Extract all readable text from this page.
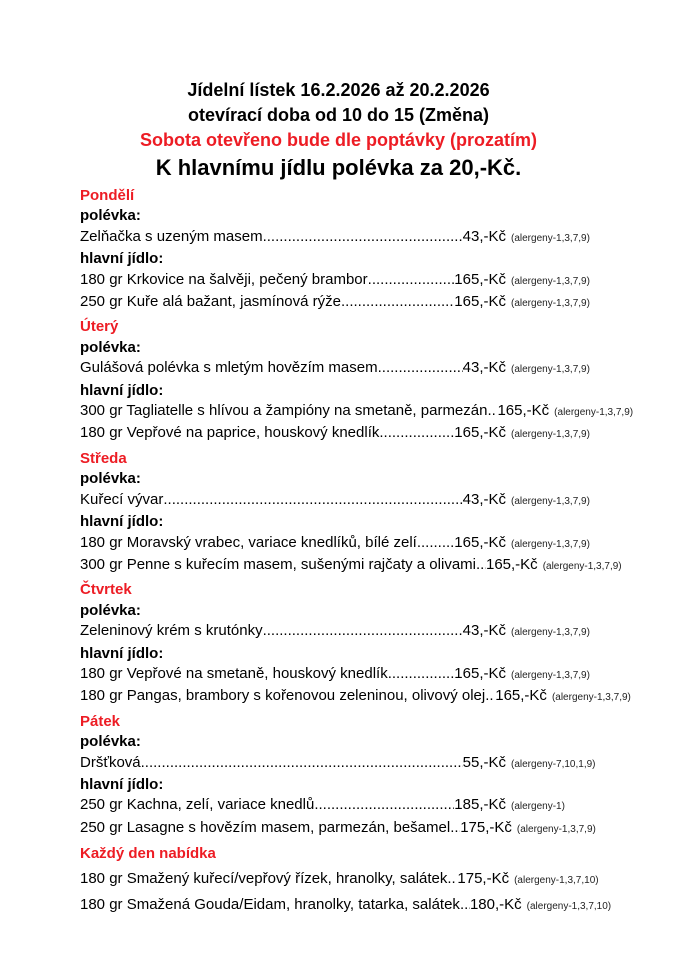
Jídelní lístek 16.2.2026 až 20.2.2026
otevírací doba od 10 do 15 (Změna)
Sobota otevřeno bude dle poptávky (prozatím)
K hlavnímu jídlu polévka za 20,-Kč.
Pondělí
polévka:
Zelňačka s uzeným masem .....	43,-Kč (alergeny-1,3,7,9)
hlavní jídlo:
180 gr Krkovice na šalvěji, pečený brambor .....	165,-Kč (alergeny-1,3,7,9)
250 gr Kuře alá bažant, jasmínová rýže .....	165,-Kč (alergeny-1,3,7,9)
Úterý
polévka:
Gulášová polévka s mletým hovězím masem .....	43,-Kč (alergeny-1,3,7,9)
hlavní jídlo:
300 gr Tagliatelle s hlívou a žampióny na smetaně, parmezán ..... 165,-Kč (alergeny-1,3,7,9)
180 gr Vepřové na paprice, houskový knedlík .....	165,-Kč (alergeny-1,3,7,9)
Středa
polévka:
Kuřecí vývar .....	43,-Kč (alergeny-1,3,7,9)
hlavní jídlo:
180 gr Moravský vrabec, variace knedlíků, bílé zelí ..... 165,-Kč (alergeny-1,3,7,9)
300 gr Penne s kuřecím masem, sušenými rajčaty a olivami ..... 165,-Kč (alergeny-1,3,7,9)
Čtvrtek
polévka:
Zeleninový krém s krutónky .....	43,-Kč (alergeny-1,3,7,9)
hlavní jídlo:
180 gr Vepřové na smetaně, houskový knedlík .....	165,-Kč (alergeny-1,3,7,9)
180 gr Pangas, brambory s kořenovou zeleninou, olivový olej ..... 165,-Kč (alergeny-1,3,7,9)
Pátek
polévka:
Dršťková .....	55,-Kč (alergeny-7,10,1,9)
hlavní jídlo:
250 gr Kachna, zelí, variace knedlů .....	185,-Kč (alergeny-1)
250 gr Lasagne s hovězím masem, parmezán, bešamel ..... 175,-Kč (alergeny-1,3,7,9)
Každý den nabídka
180 gr Smažený kuřecí/vepřový řízek, hranolky, salátek ..... 175,-Kč (alergeny-1,3,7,10)
180 gr Smažená Gouda/Eidam, hranolky, tatarka, salátek ..... 180,-Kč (alergeny-1,3,7,10)
